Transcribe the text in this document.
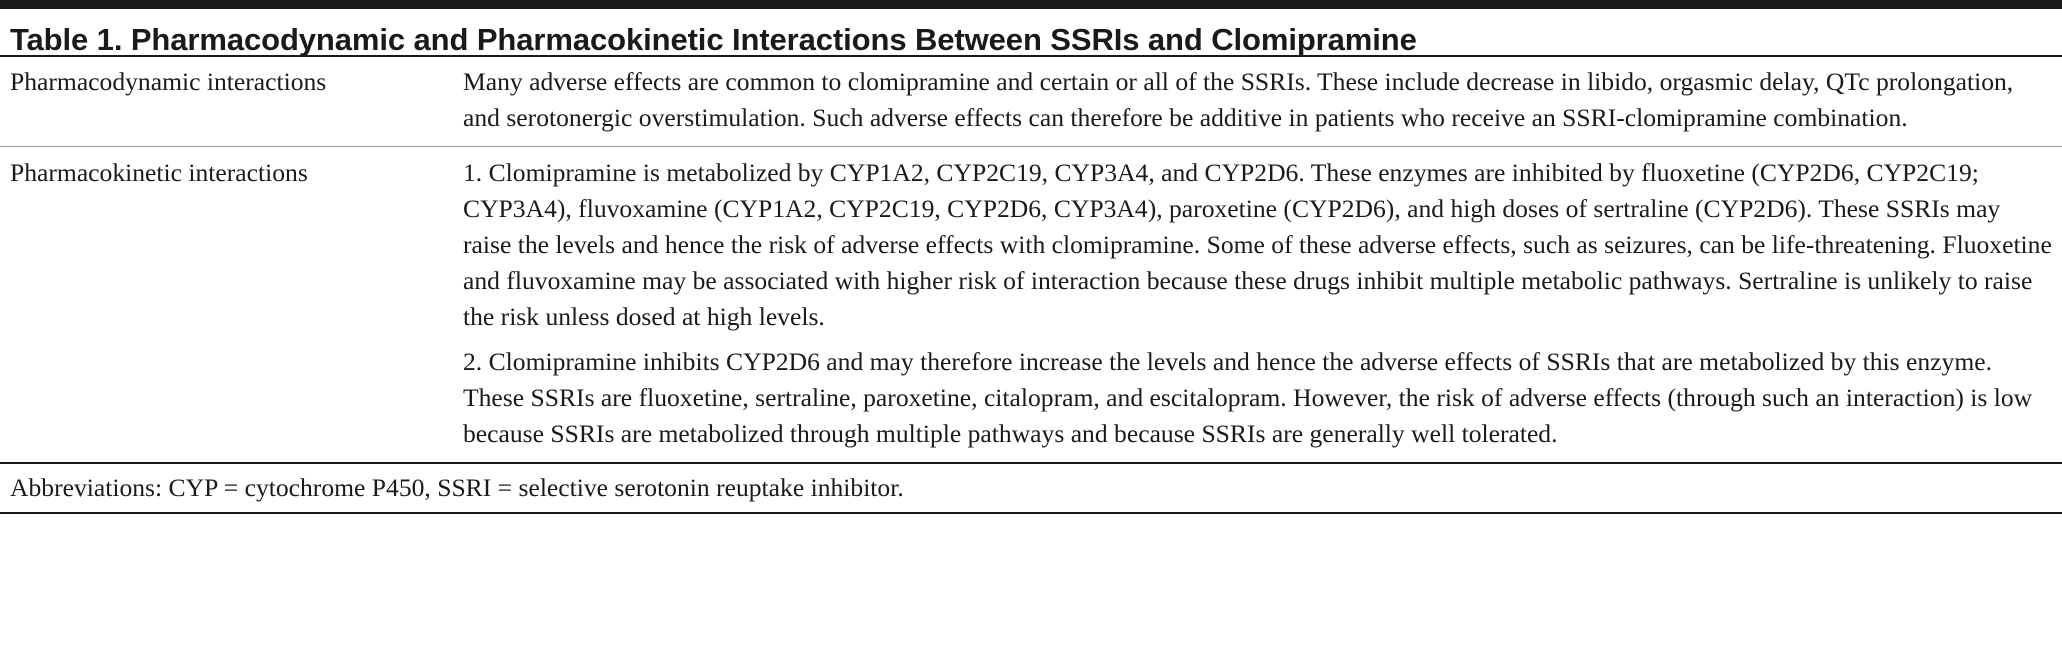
Table 1. Pharmacodynamic and Pharmacokinetic Interactions Between SSRIs and Clomipramine
Pharmacodynamic interactions	Many adverse effects are common to clomipramine and certain or all of the SSRIs. These include decrease in libido, orgasmic delay, QTc prolongation, and serotonergic overstimulation. Such adverse effects can therefore be additive in patients who receive an SSRI-clomipramine combination.

Pharmacokinetic interactions	1. Clomipramine is metabolized by CYP1A2, CYP2C19, CYP3A4, and CYP2D6. These enzymes are inhibited by fluoxetine (CYP2D6, CYP2C19; CYP3A4), fluvoxamine (CYP1A2, CYP2C19, CYP2D6, CYP3A4), paroxetine (CYP2D6), and high doses of sertraline (CYP2D6). These SSRIs may raise the levels and hence the risk of adverse effects with clomipramine. Some of these adverse effects, such as seizures, can be life-threatening. Fluoxetine and fluvoxamine may be associated with higher risk of interaction because these drugs inhibit multiple metabolic pathways. Sertraline is unlikely to raise the risk unless dosed at high levels.

2. Clomipramine inhibits CYP2D6 and may therefore increase the levels and hence the adverse effects of SSRIs that are metabolized by this enzyme. These SSRIs are fluoxetine, sertraline, paroxetine, citalopram, and escitalopram. However, the risk of adverse effects (through such an interaction) is low because SSRIs are metabolized through multiple pathways and because SSRIs are generally well tolerated.

Abbreviations: CYP = cytochrome P450, SSRI = selective serotonin reuptake inhibitor.
